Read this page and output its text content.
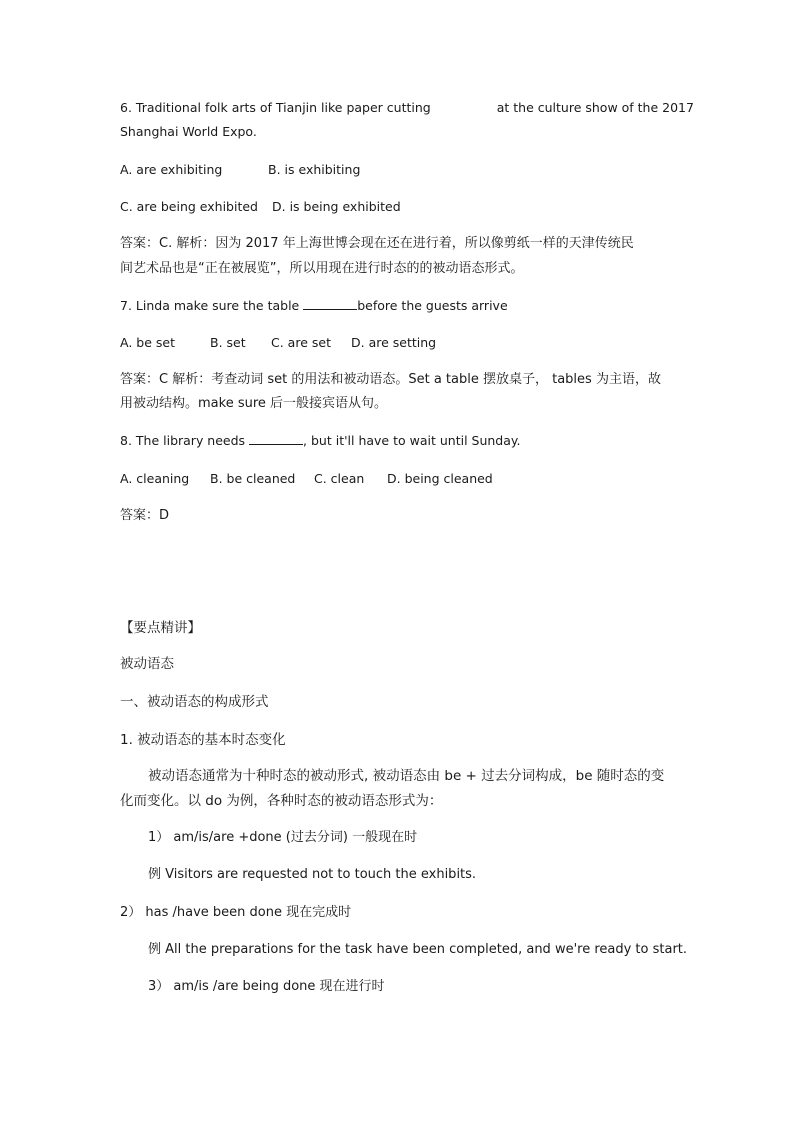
6. Traditional folk arts of Tianjin like paper cutting	at the culture show of the 2017
Shanghai World Expo.
A. are exhibiting	B. is exhibiting
C. are being exhibited D. is being exhibited
答案：C. 解析：因为 2017 年上海世博会现在还在进行着，所以像剪纸一样的天津传统民
间艺术品也是“正在被展览”，所以用现在进行时态的的被动语态形式。
7. Linda make sure the table	before the guests arrive
A. be set	B. set C. are set D. are setting
答案：C 解析：考查动词 set 的用法和被动语态。Set a table 摆放桌子， tables 为主语，故
用被动结构。make sure 后一般接宾语从句。
8. The library needs	, but it'll have to wait until Sunday.
A. cleaning B. be cleaned C. clean D. being cleaned
答案：D
【要点精讲】
被动语态
一、被动语态的构成形式
1. 被动语态的基本时态变化
被动语态通常为十种时态的被动形式, 被动语态由 be + 过去分词构成，be 随时态的变
化而变化。以 do 为例，各种时态的被动语态形式为：
1） am/is/are +done (过去分词) 一般现在时
例 Visitors are requested not to touch the exhibits.
2） has /have been done 现在完成时
例 All the preparations for the task have been completed, and we're ready to start.
3） am/is /are being done 现在进行时
